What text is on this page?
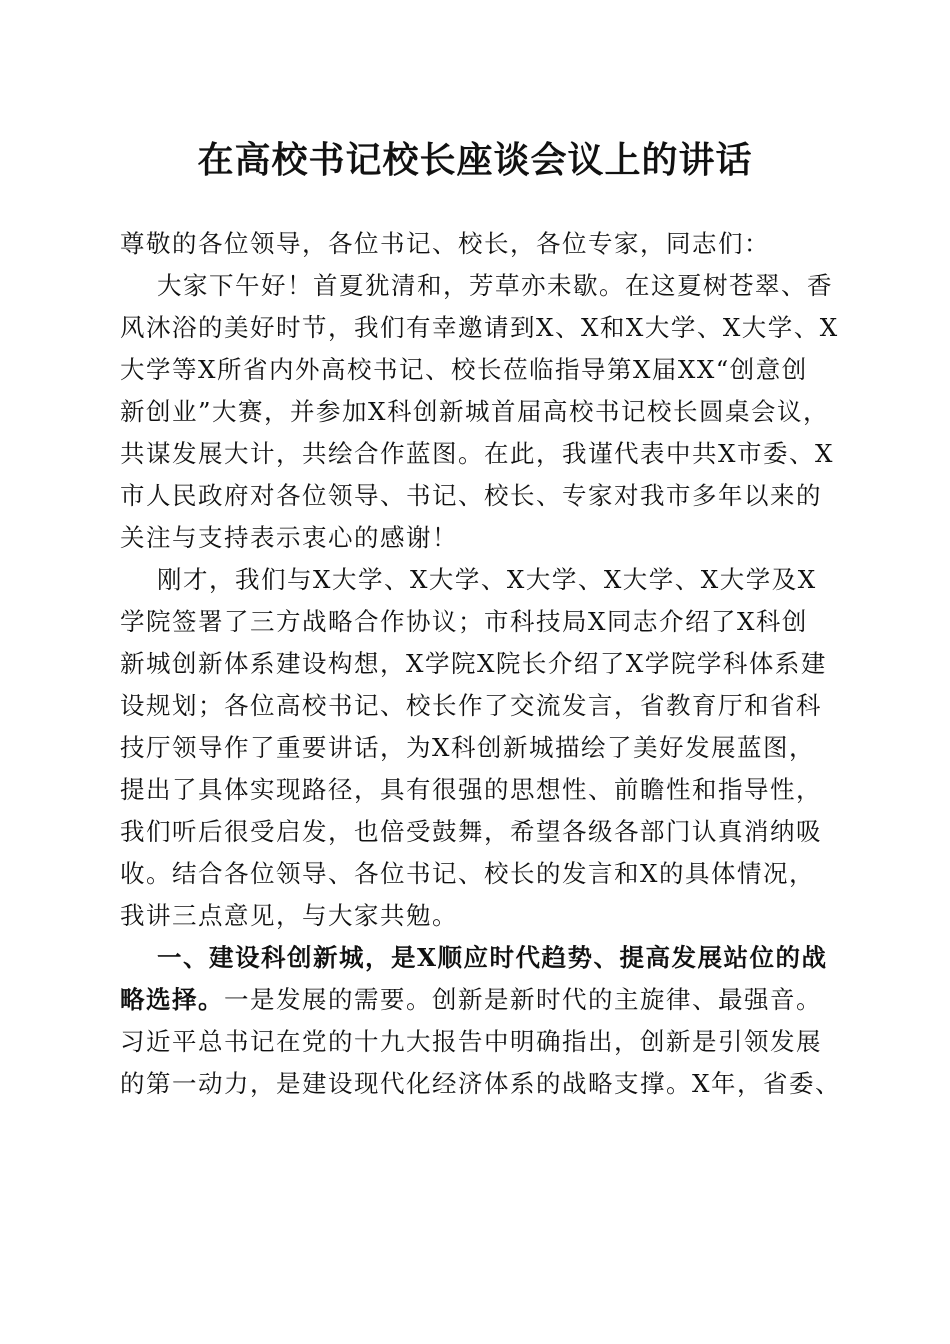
在高校书记校长座谈会议上的讲话
尊敬的各位领导，各位书记、校长，各位专家，同志们：
大家下午好！首夏犹清和，芳草亦未歇。在这夏树苍翠、香
风沐浴的美好时节，我们有幸邀请到X、X和X大学、X大学、X
大学等X所省内外高校书记、校长莅临指导第X届XX“创意创
新创业”大赛，并参加X科创新城首届高校书记校长圆桌会议，
共谋发展大计，共绘合作蓝图。在此，我谨代表中共X市委、X
市人民政府对各位领导、书记、校长、专家对我市多年以来的
关注与支持表示衷心的感谢！
刚才，我们与X大学、X大学、X大学、X大学、X大学及X
学院签署了三方战略合作协议；市科技局X同志介绍了X科创
新城创新体系建设构想，X学院X院长介绍了X学院学科体系建
设规划；各位高校书记、校长作了交流发言，省教育厅和省科
技厅领导作了重要讲话，为X科创新城描绘了美好发展蓝图，
提出了具体实现路径，具有很强的思想性、前瞻性和指导性，
我们听后很受启发，也倍受鼓舞，希望各级各部门认真消纳吸
收。结合各位领导、各位书记、校长的发言和X的具体情况，
我讲三点意见，与大家共勉。
一、建设科创新城，是X顺应时代趋势、提高发展站位的战
略选择。一是发展的需要。创新是新时代的主旋律、最强音。
习近平总书记在党的十九大报告中明确指出，创新是引领发展
的第一动力，是建设现代化经济体系的战略支撑。X年，省委、
